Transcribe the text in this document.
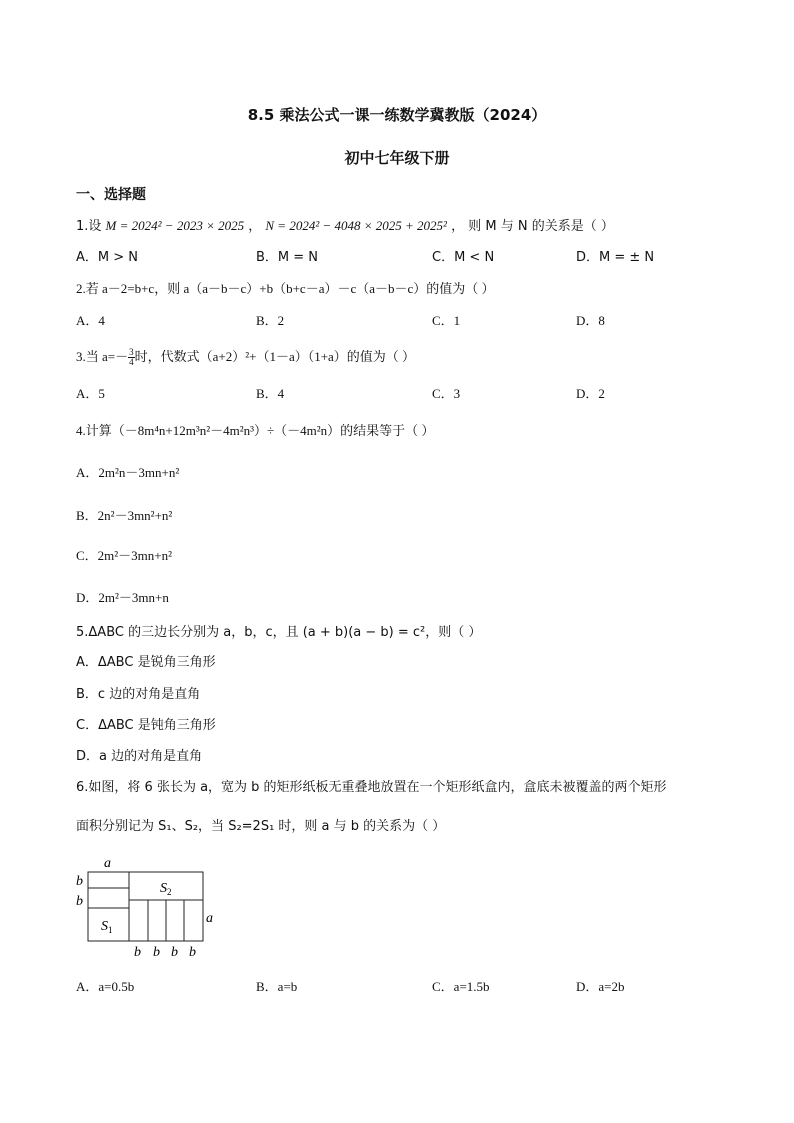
8.5 乘法公式一课一练数学冀教版（2024）
初中七年级下册
一、选择题
1.设 M = 2024² − 2023 × 2025 ， N = 2024² − 4048 × 2025 + 2025² ， 则 M 与 N 的关系是（ ）
A．M > N	B．M = N	C．M < N	D．M = ± N
2.若 a－2=b+c，则 a（a－b－c）+b（b+c－a）－c（a－b－c）的值为（ ）
A．4	B．2	C．1	D．8
3.当 $a=- \frac{3}{4}$ 时，代数式（a+2）²+（1－a）（1+a）的值为（ ）
A．5	B．4	C．3	D．2
4.计算（－8m⁴n+12m³n²－4m²n³）÷（－4m²n）的结果等于（ ）
A．2m²n－3mn+n²
B．2n²－3mn²+n²
C．2m²－3mn+n²
D．2m²－3mn+n
5.ΔABC 的三边长分别为 a，b，c，且 (a + b)(a − b) = c²，则（ ）
A．ΔABC 是锐角三角形
B．c 边的对角是直角
C．ΔABC 是钝角三角形
D．a 边的对角是直角
6.如图，将 6 张长为 a，宽为 b 的矩形纸板无重叠地放置在一个矩形纸盒内，盒底未被覆盖的两个矩形
面积分别记为 S₁、S₂，当 S₂=2S₁ 时，则 a 与 b 的关系为（ ）
a
b
b
$S_2$
$S_1$
a
b b b b
A．a=0.5b	B．a=b	C．a=1.5b	D．a=2b
